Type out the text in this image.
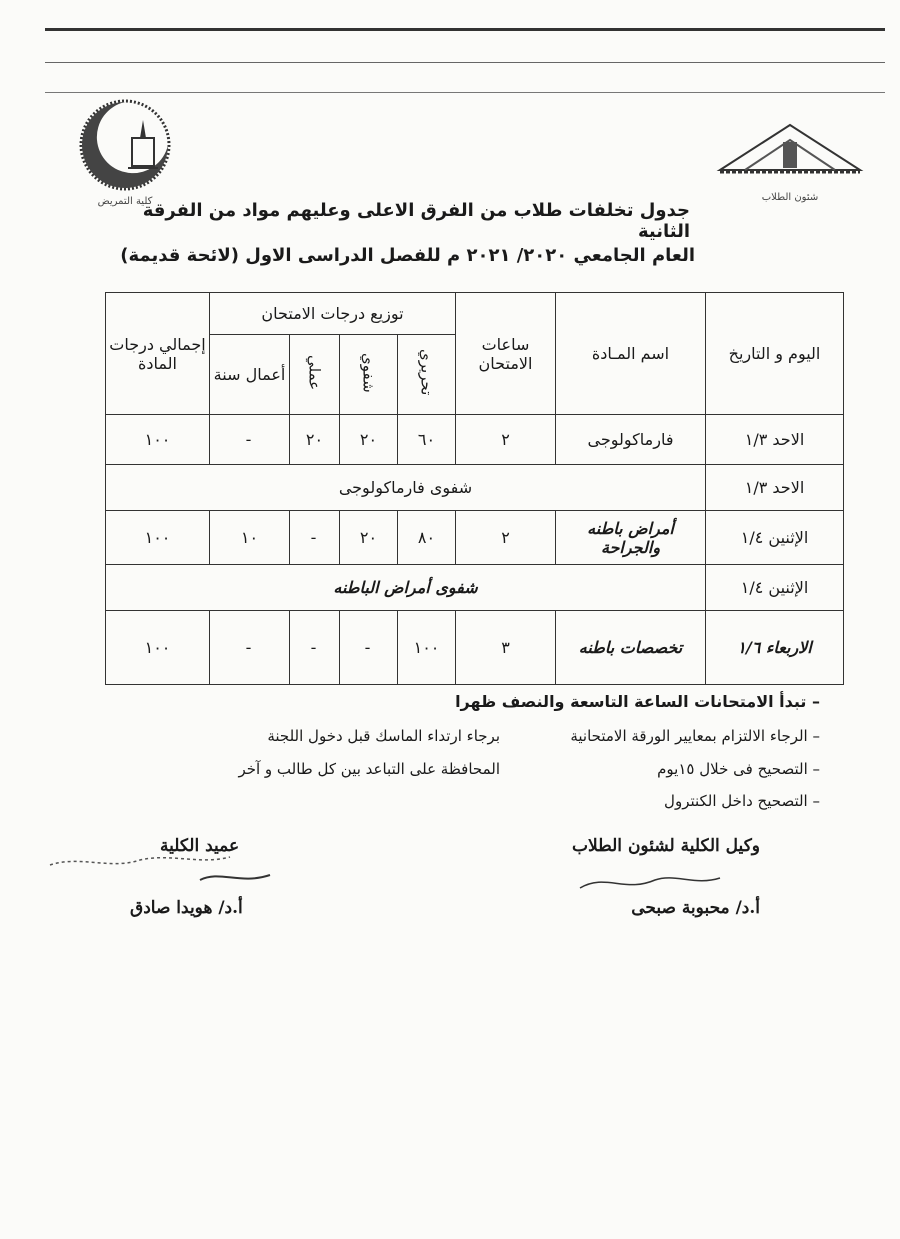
كلية التمريض	شئون الطلاب
جدول تخلفات طلاب من الفرق الاعلى وعليهم مواد من الفرقة الثانية
العام الجامعي ٢٠٢٠/ ٢٠٢١ م للفصل الدراسى الاول (لائحة قديمة)
اليوم و التاريخ	اسم المـادة	ساعات الامتحان	توزيع درجات الامتحان				إجمالي درجات المادة
			تحريري	شفوي	عملي	أعمال سنة	
الاحد ١/٣	فارماكولوجى	٢	٦٠	٢٠	٢٠	-	١٠٠
الاحد ١/٣	شفوى فارماكولوجى						
الإثنين ١/٤	أمراض باطنه والجراحة	٢	٨٠	٢٠	-	١٠	١٠٠
الإثنين ١/٤	شفوى أمراض الباطنه						
الاربعاء ١/٦	تخصصات باطنه	٣	١٠٠	-	-	-	١٠٠
– تبدأ الامتحانات الساعة التاسعة والنصف ظهرا
– الرجاء الالتزام بمعايير الورقة الامتحانية
برجاء ارتداء الماسك قبل دخول اللجنة
– التصحيح فى خلال ١٥يوم
المحافظة على التباعد بين كل طالب و آخر
– التصحيح داخل الكنترول
وكيل الكلية لشئون الطلاب
أ.د/ محبوبة صبحى
عميد الكلية
أ.د/ هويدا صادق
